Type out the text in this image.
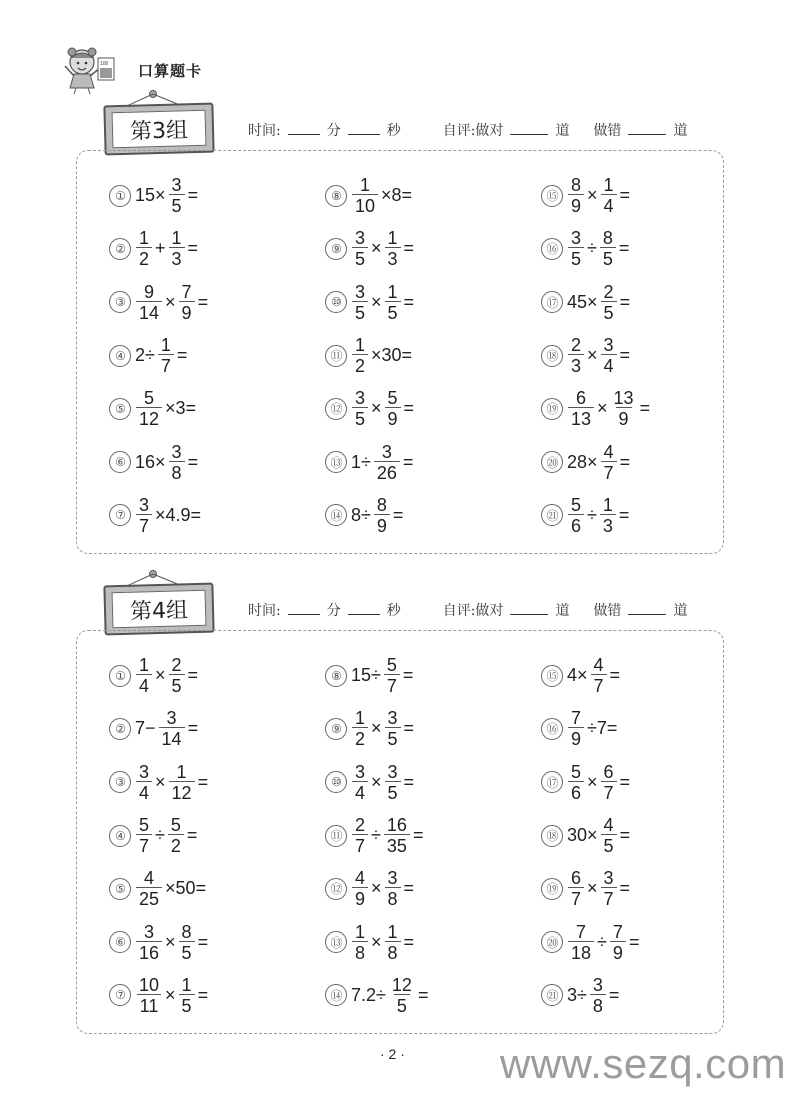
100 口算题卡
第3组	时间:	分	秒	自评:做对	道 做错	道
① $15\times \frac{3}{5}$ =	⑧ $\frac{1}{10} \times 8=$	⑮ $\frac{8}{9} \times \frac{1}{4}$ =
② $\frac{1}{2} + \frac{1}{3}$ =	⑨ $\frac{3}{5} \times \frac{1}{3}$ =	⑯ $\frac{3}{5} \div \frac{8}{5}$ =
③ $\frac{9}{14} \times \frac{7}{9}$ =	⑩ $\frac{3}{5} \times \frac{1}{5}$ =	⑰ $45\times \frac{2}{5}$ =
④ $2\div \frac{1}{7}$ =	⑪ $\frac{1}{2} \times 30=$	⑱ $\frac{2}{3} \times \frac{3}{4}$ =
⑤ $\frac{5}{12} \times 3=$	⑫ $\frac{3}{5} \times \frac{5}{9}$ =	⑲ $\frac{6}{13} \times \frac{13}{9}$ =
⑥ $16\times \frac{3}{8}$ =	⑬ $1\div \frac{3}{26}$ =	⑳ $28\times \frac{4}{7}$ =
⑦ $\frac{3}{7} \times 4.9=$	⑭ $8\div \frac{8}{9}$ =	㉑ $\frac{5}{6} \div \frac{1}{3}$ =
第4组	时间:	分	秒	自评:做对	道 做错	道
① $\frac{1}{4} \times \frac{2}{5}$ =	⑧ $15\div \frac{5}{7}$ =	⑮ $4\times \frac{4}{7}$ =
② $7- \frac{3}{14}$ =	⑨ $\frac{1}{2} \times \frac{3}{5}$ =	⑯ $\frac{7}{9} \div 7=$
③ $\frac{3}{4} \times \frac{1}{12}$ =	⑩ $\frac{3}{4} \times \frac{3}{5}$ =	⑰ $\frac{5}{6} \times \frac{6}{7}$ =
④ $\frac{5}{7} \div \frac{5}{2}$ =	⑪ $\frac{2}{7} \div \frac{16}{35}$ =	⑱ $30\times \frac{4}{5}$ =
⑤ $\frac{4}{25} \times 50=$	⑫ $\frac{4}{9} \times \frac{3}{8}$ =	⑲ $\frac{6}{7} \times \frac{3}{7}$ =
⑥ $\frac{3}{16} \times \frac{8}{5}$ =	⑬ $\frac{1}{8} \times \frac{1}{8}$ =	⑳ $\frac{7}{18} \div \frac{7}{9}$ =
⑦ $\frac{10}{11} \times \frac{1}{5}$ =	⑭ $7.2\div \frac{12}{5}$ =	㉑ $3\div \frac{3}{8}$ =
· 2 · www.sezq.com
